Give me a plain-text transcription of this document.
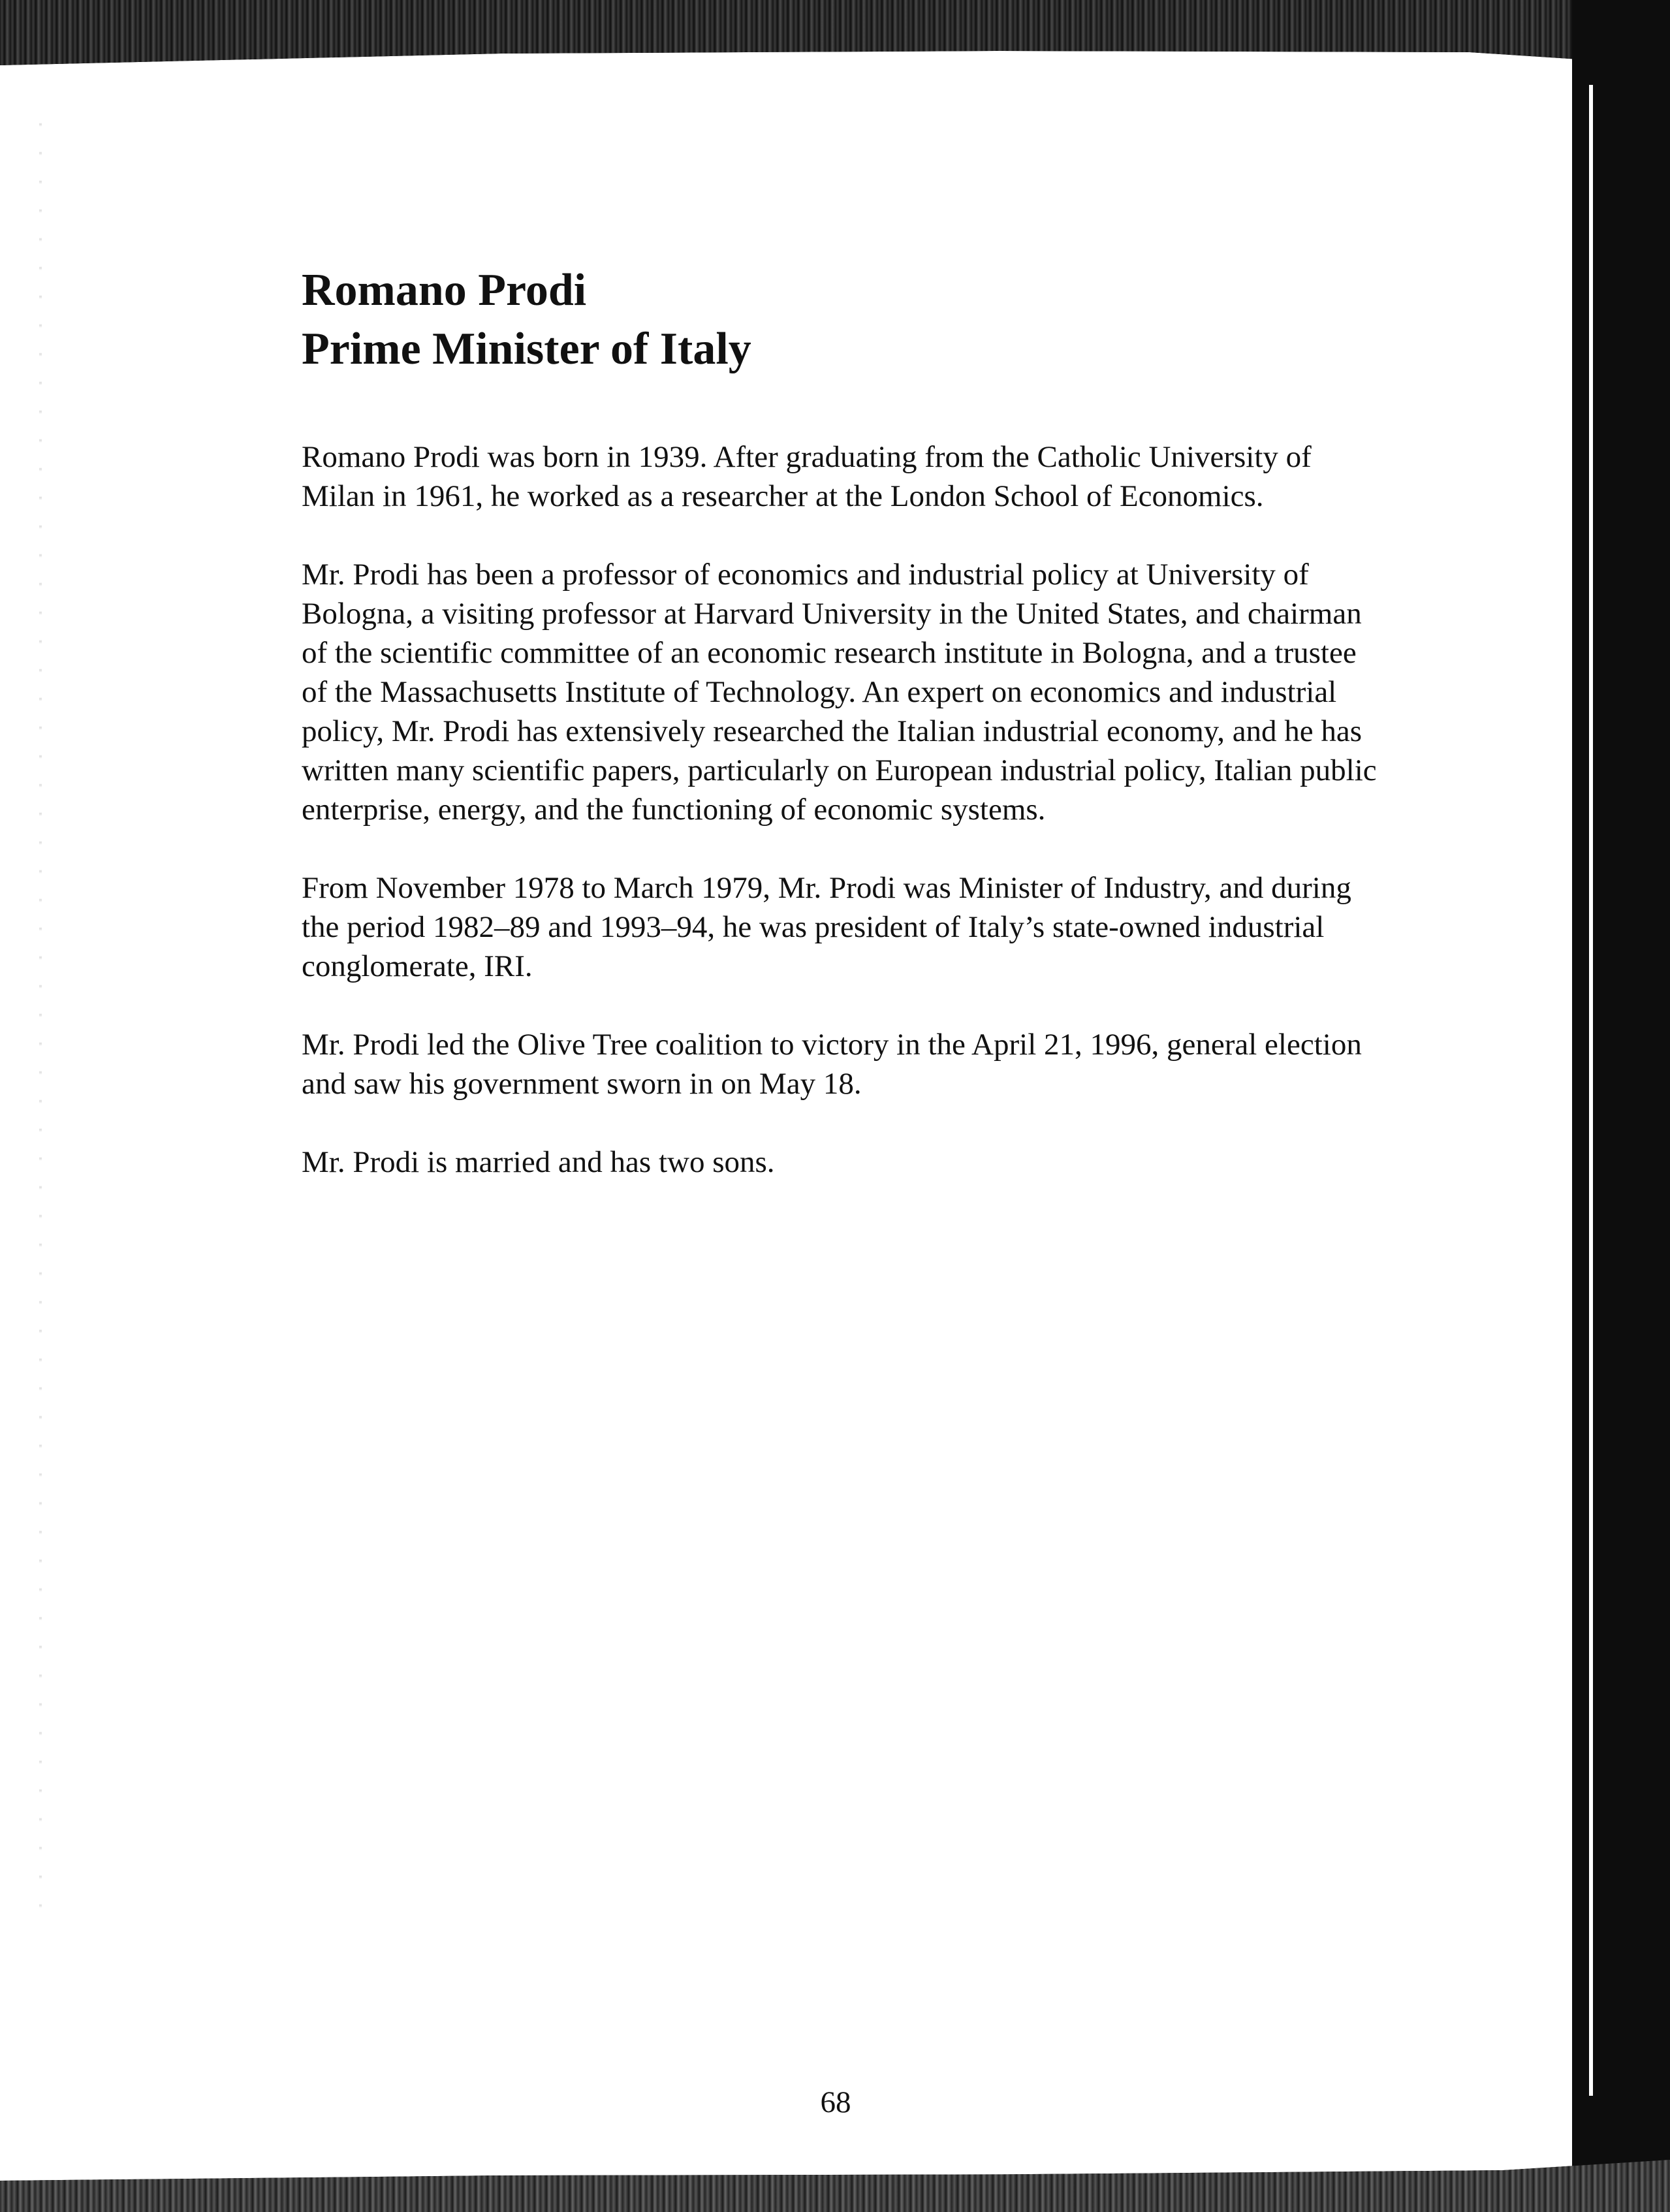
Romano Prodi
Prime Minister of Italy

Romano Prodi was born in 1939. After graduating from the Catholic University of Milan in 1961, he worked as a researcher at the London School of Economics.

Mr. Prodi has been a professor of economics and industrial policy at University of Bologna, a visiting professor at Harvard University in the United States, and chairman of the scientific committee of an economic research institute in Bologna, and a trustee of the Massachusetts Institute of Technology. An expert on economics and industrial policy, Mr. Prodi has extensively researched the Italian industrial economy, and he has written many scientific papers, particularly on European industrial policy, Italian public enterprise, energy, and the functioning of economic systems.

From November 1978 to March 1979, Mr. Prodi was Minister of Industry, and during the period 1982–89 and 1993–94, he was president of Italy’s state-owned industrial conglomerate, IRI.

Mr. Prodi led the Olive Tree coalition to victory in the April 21, 1996, general election and saw his government sworn in on May 18.

Mr. Prodi is married and has two sons.

68
